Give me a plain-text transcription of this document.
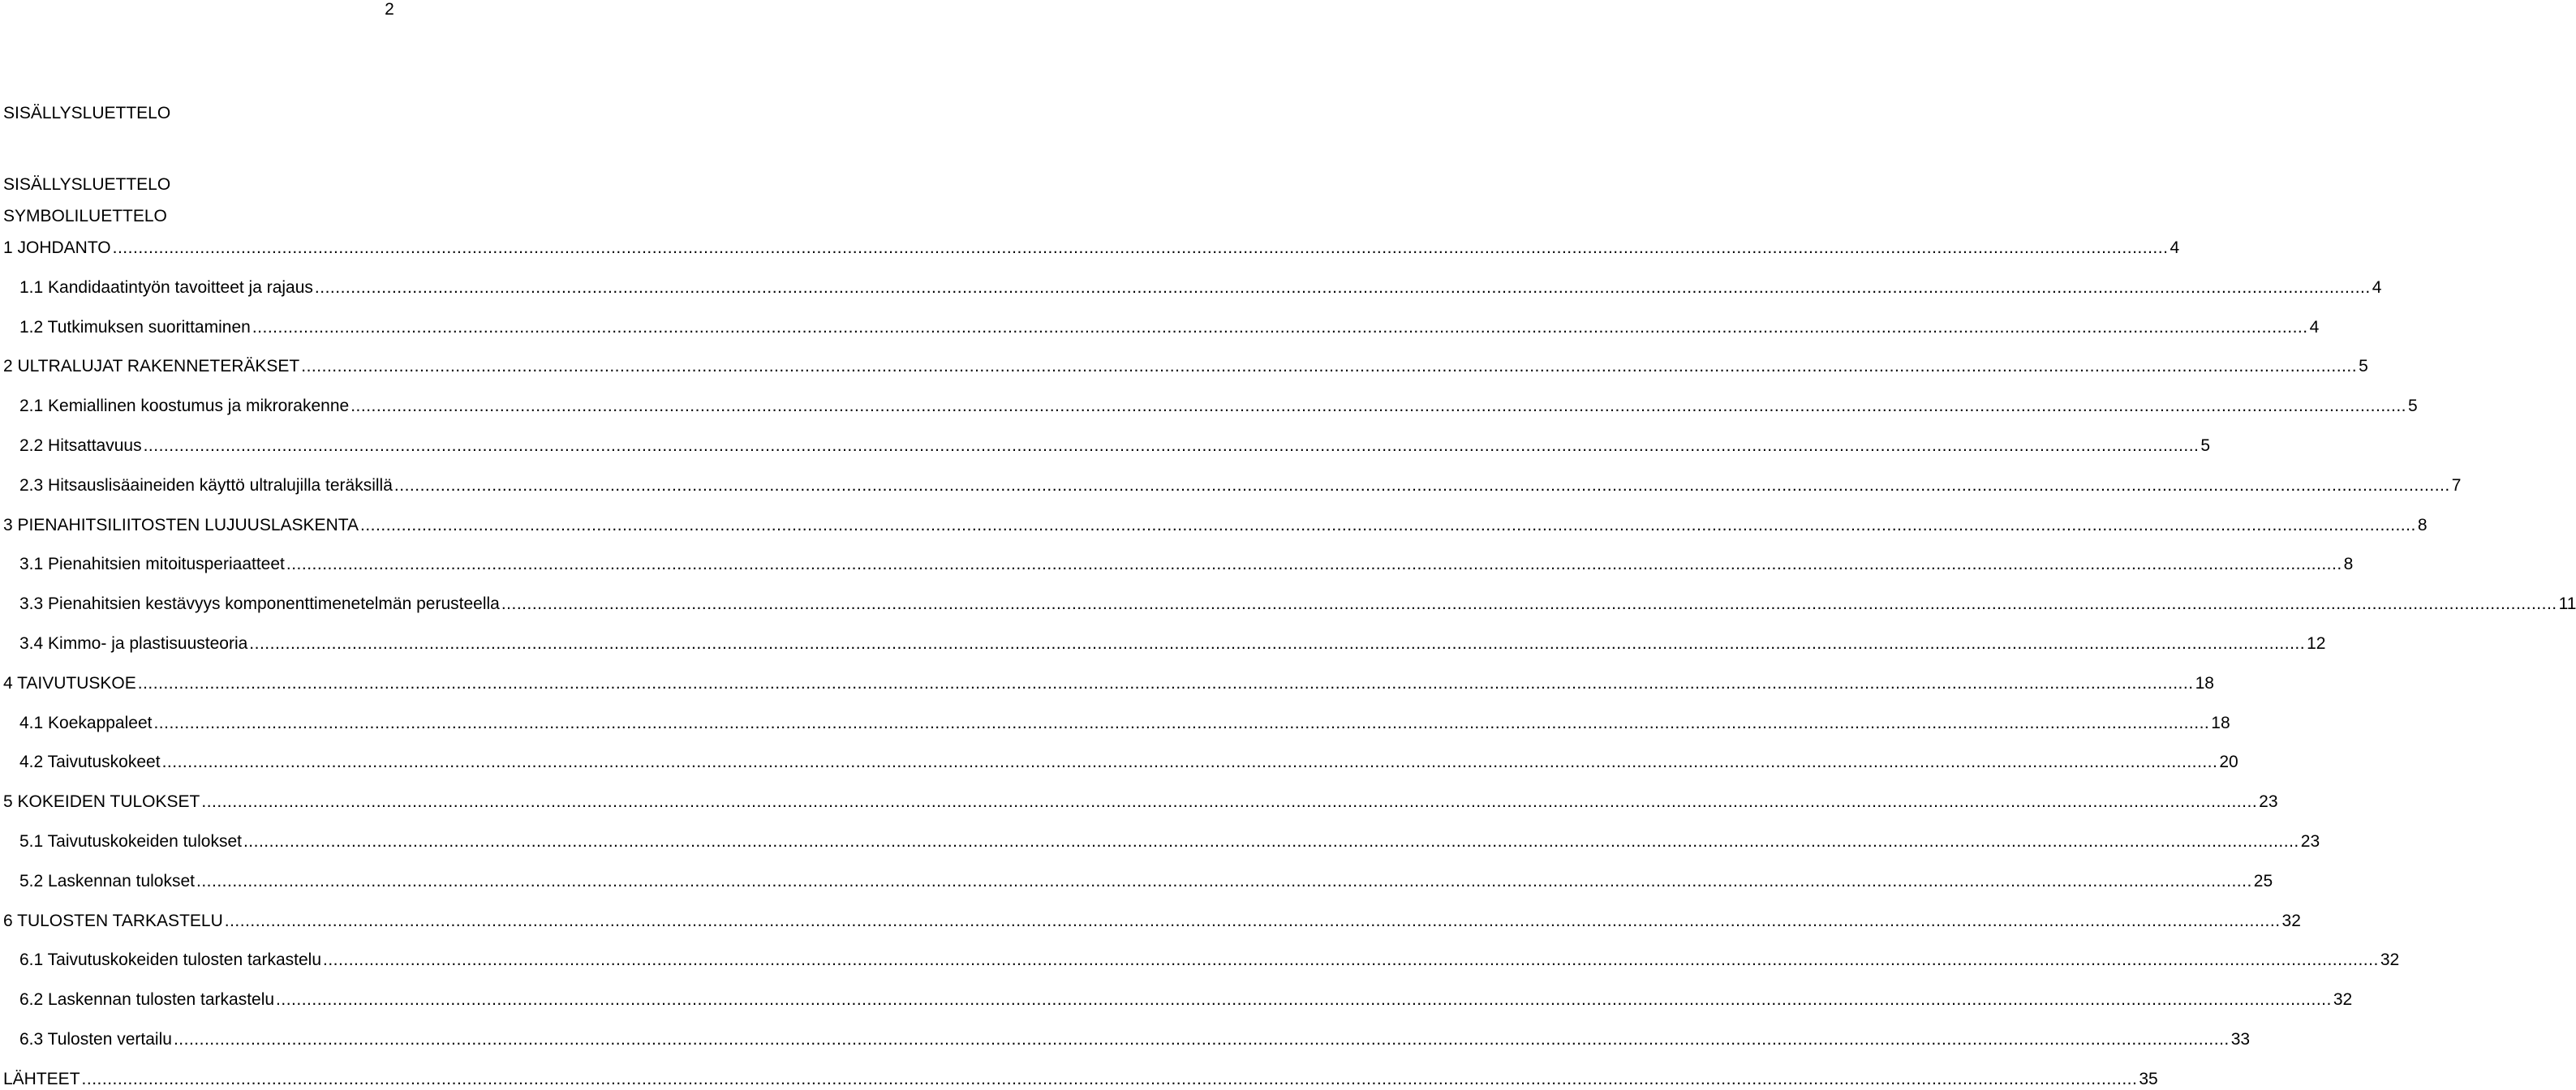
2
SISÄLLYSLUETTELO
SISÄLLYSLUETTELO
SYMBOLILUETTELO
1 JOHDANTO ................................................................................................................................................................................................................................................................................................................................................................................................................ 4
1.1 Kandidaatintyön tavoitteet ja rajaus ................................................................................................................................................................................................................................................................................................................................................................................................................ 4
1.2 Tutkimuksen suorittaminen ................................................................................................................................................................................................................................................................................................................................................................................................................ 4
2 ULTRALUJAT RAKENNETERÄKSET ................................................................................................................................................................................................................................................................................................................................................................................................................ 5
2.1 Kemiallinen koostumus ja mikrorakenne ................................................................................................................................................................................................................................................................................................................................................................................................................ 5
2.2 Hitsattavuus ................................................................................................................................................................................................................................................................................................................................................................................................................ 5
2.3 Hitsauslisäaineiden käyttö ultralujilla teräksillä ................................................................................................................................................................................................................................................................................................................................................................................................................ 7
3 PIENAHITSILIITOSTEN LUJUUSLASKENTA ................................................................................................................................................................................................................................................................................................................................................................................................................ 8
3.1 Pienahitsien mitoitusperiaatteet ................................................................................................................................................................................................................................................................................................................................................................................................................ 8
3.3 Pienahitsien kestävyys komponenttimenetelmän perusteella ................................................................................................................................................................................................................................................................................................................................................................................................................ 11
3.4 Kimmo- ja plastisuusteoria ................................................................................................................................................................................................................................................................................................................................................................................................................ 12
4 TAIVUTUSKOE ................................................................................................................................................................................................................................................................................................................................................................................................................ 18
4.1 Koekappaleet ................................................................................................................................................................................................................................................................................................................................................................................................................ 18
4.2 Taivutuskokeet ................................................................................................................................................................................................................................................................................................................................................................................................................ 20
5 KOKEIDEN TULOKSET ................................................................................................................................................................................................................................................................................................................................................................................................................ 23
5.1 Taivutuskokeiden tulokset ................................................................................................................................................................................................................................................................................................................................................................................................................ 23
5.2 Laskennan tulokset ................................................................................................................................................................................................................................................................................................................................................................................................................ 25
6 TULOSTEN TARKASTELU ................................................................................................................................................................................................................................................................................................................................................................................................................ 32
6.1 Taivutuskokeiden tulosten tarkastelu ................................................................................................................................................................................................................................................................................................................................................................................................................ 32
6.2 Laskennan tulosten tarkastelu ................................................................................................................................................................................................................................................................................................................................................................................................................ 32
6.3 Tulosten vertailu ................................................................................................................................................................................................................................................................................................................................................................................................................ 33
LÄHTEET ................................................................................................................................................................................................................................................................................................................................................................................................................ 35
